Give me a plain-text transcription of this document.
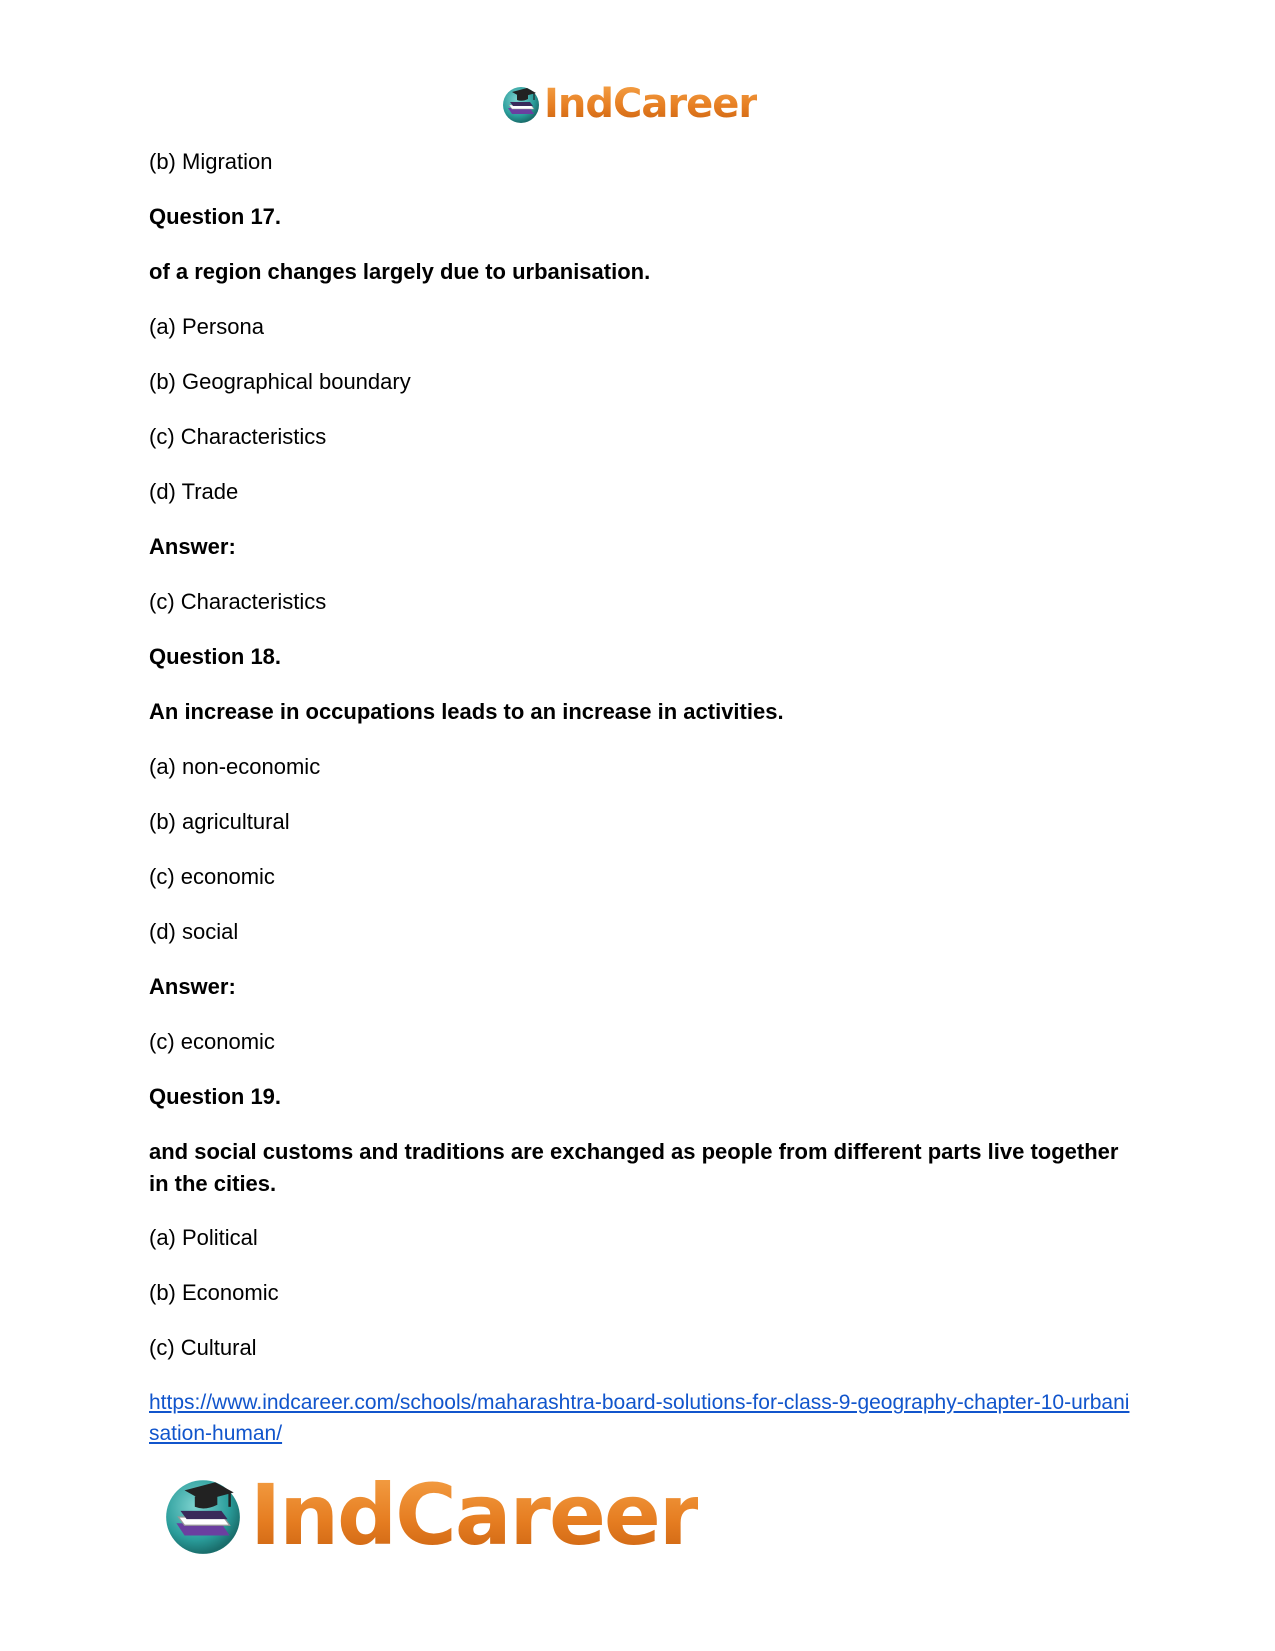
IndCareer

(b) Migration

Question 17.

of a region changes largely due to urbanisation.

(a) Persona

(b) Geographical boundary

(c) Characteristics

(d) Trade

Answer:

(c) Characteristics

Question 18.

An increase in occupations leads to an increase in activities.

(a) non-economic

(b) agricultural

(c) economic

(d) social

Answer:

(c) economic

Question 19.

and social customs and traditions are exchanged as people from different parts live together in the cities.

(a) Political

(b) Economic

(c) Cultural

https://www.indcareer.com/schools/maharashtra-board-solutions-for-class-9-geography-chapter-10-urbanisation-human/
IndCareer
